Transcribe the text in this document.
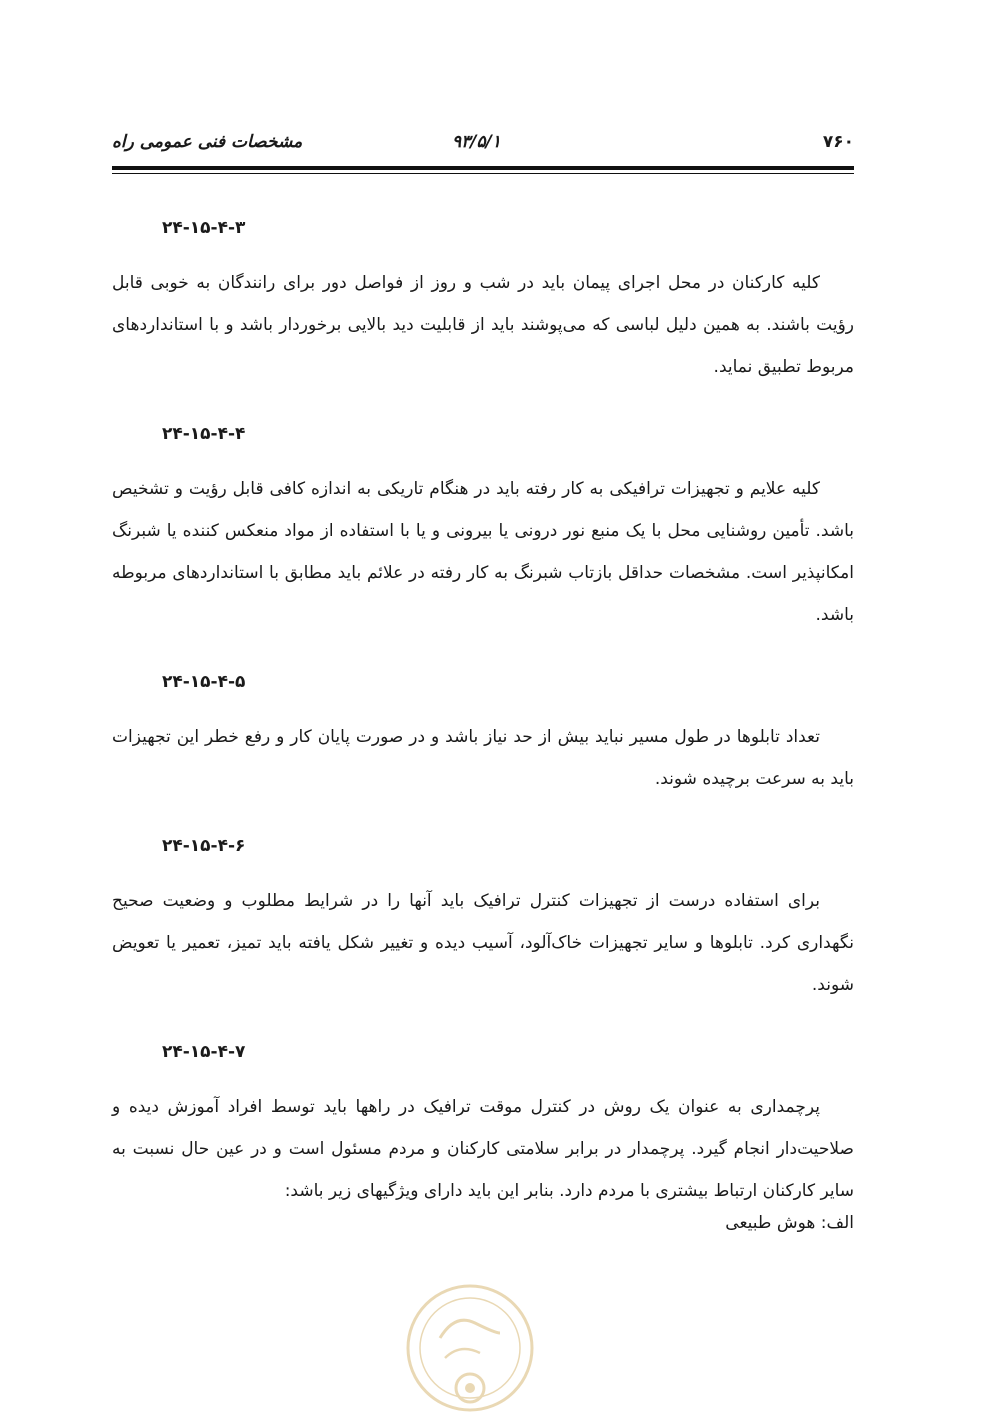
مشخصات فنی عمومی راه	۹۳/۵/۱	۷۶۰
۲۴-۱۵-۴-۳

کلیه کارکنان در محل اجرای پیمان باید در شب و روز از فواصل دور برای رانندگان به خوبی قابل رؤیت باشند. به همین دلیل لباسی که می‌پوشند باید از قابلیت دید بالایی برخوردار باشد و با استانداردهای مربوط تطبیق نماید.

۲۴-۱۵-۴-۴

کلیه علایم و تجهیزات ترافیکی به کار رفته باید در هنگام تاریکی به اندازه کافی قابل رؤیت و تشخیص باشد. تأمین روشنایی محل با یک منبع نور درونی یا بیرونی و یا با استفاده از مواد منعکس کننده یا شبرنگ امکانپذیر است. مشخصات حداقل بازتاب شبرنگ به کار رفته در علائم باید مطابق با استانداردهای مربوطه باشد.

۲۴-۱۵-۴-۵

تعداد تابلوها در طول مسیر نباید بیش از حد نیاز باشد و در صورت پایان کار و رفع خطر این تجهیزات باید به سرعت برچیده شوند.

۲۴-۱۵-۴-۶

برای استفاده درست از تجهیزات کنترل ترافیک باید آنها را در شرایط مطلوب و وضعیت صحیح نگهداری کرد. تابلوها و سایر تجهیزات خاک‌آلود، آسیب دیده و تغییر شکل یافته باید تمیز، تعمیر یا تعویض شوند.

۲۴-۱۵-۴-۷

پرچمداری به عنوان یک روش در کنترل موقت ترافیک در راهها باید توسط افراد آموزش دیده و صلاحیت‌دار انجام گیرد. پرچمدار در برابر سلامتی کارکنان و مردم مسئول است و در عین حال نسبت به سایر کارکنان ارتباط بیشتری با مردم دارد. بنابر این باید دارای ویژگیهای زیر باشد:

الف: هوش طبیعی
